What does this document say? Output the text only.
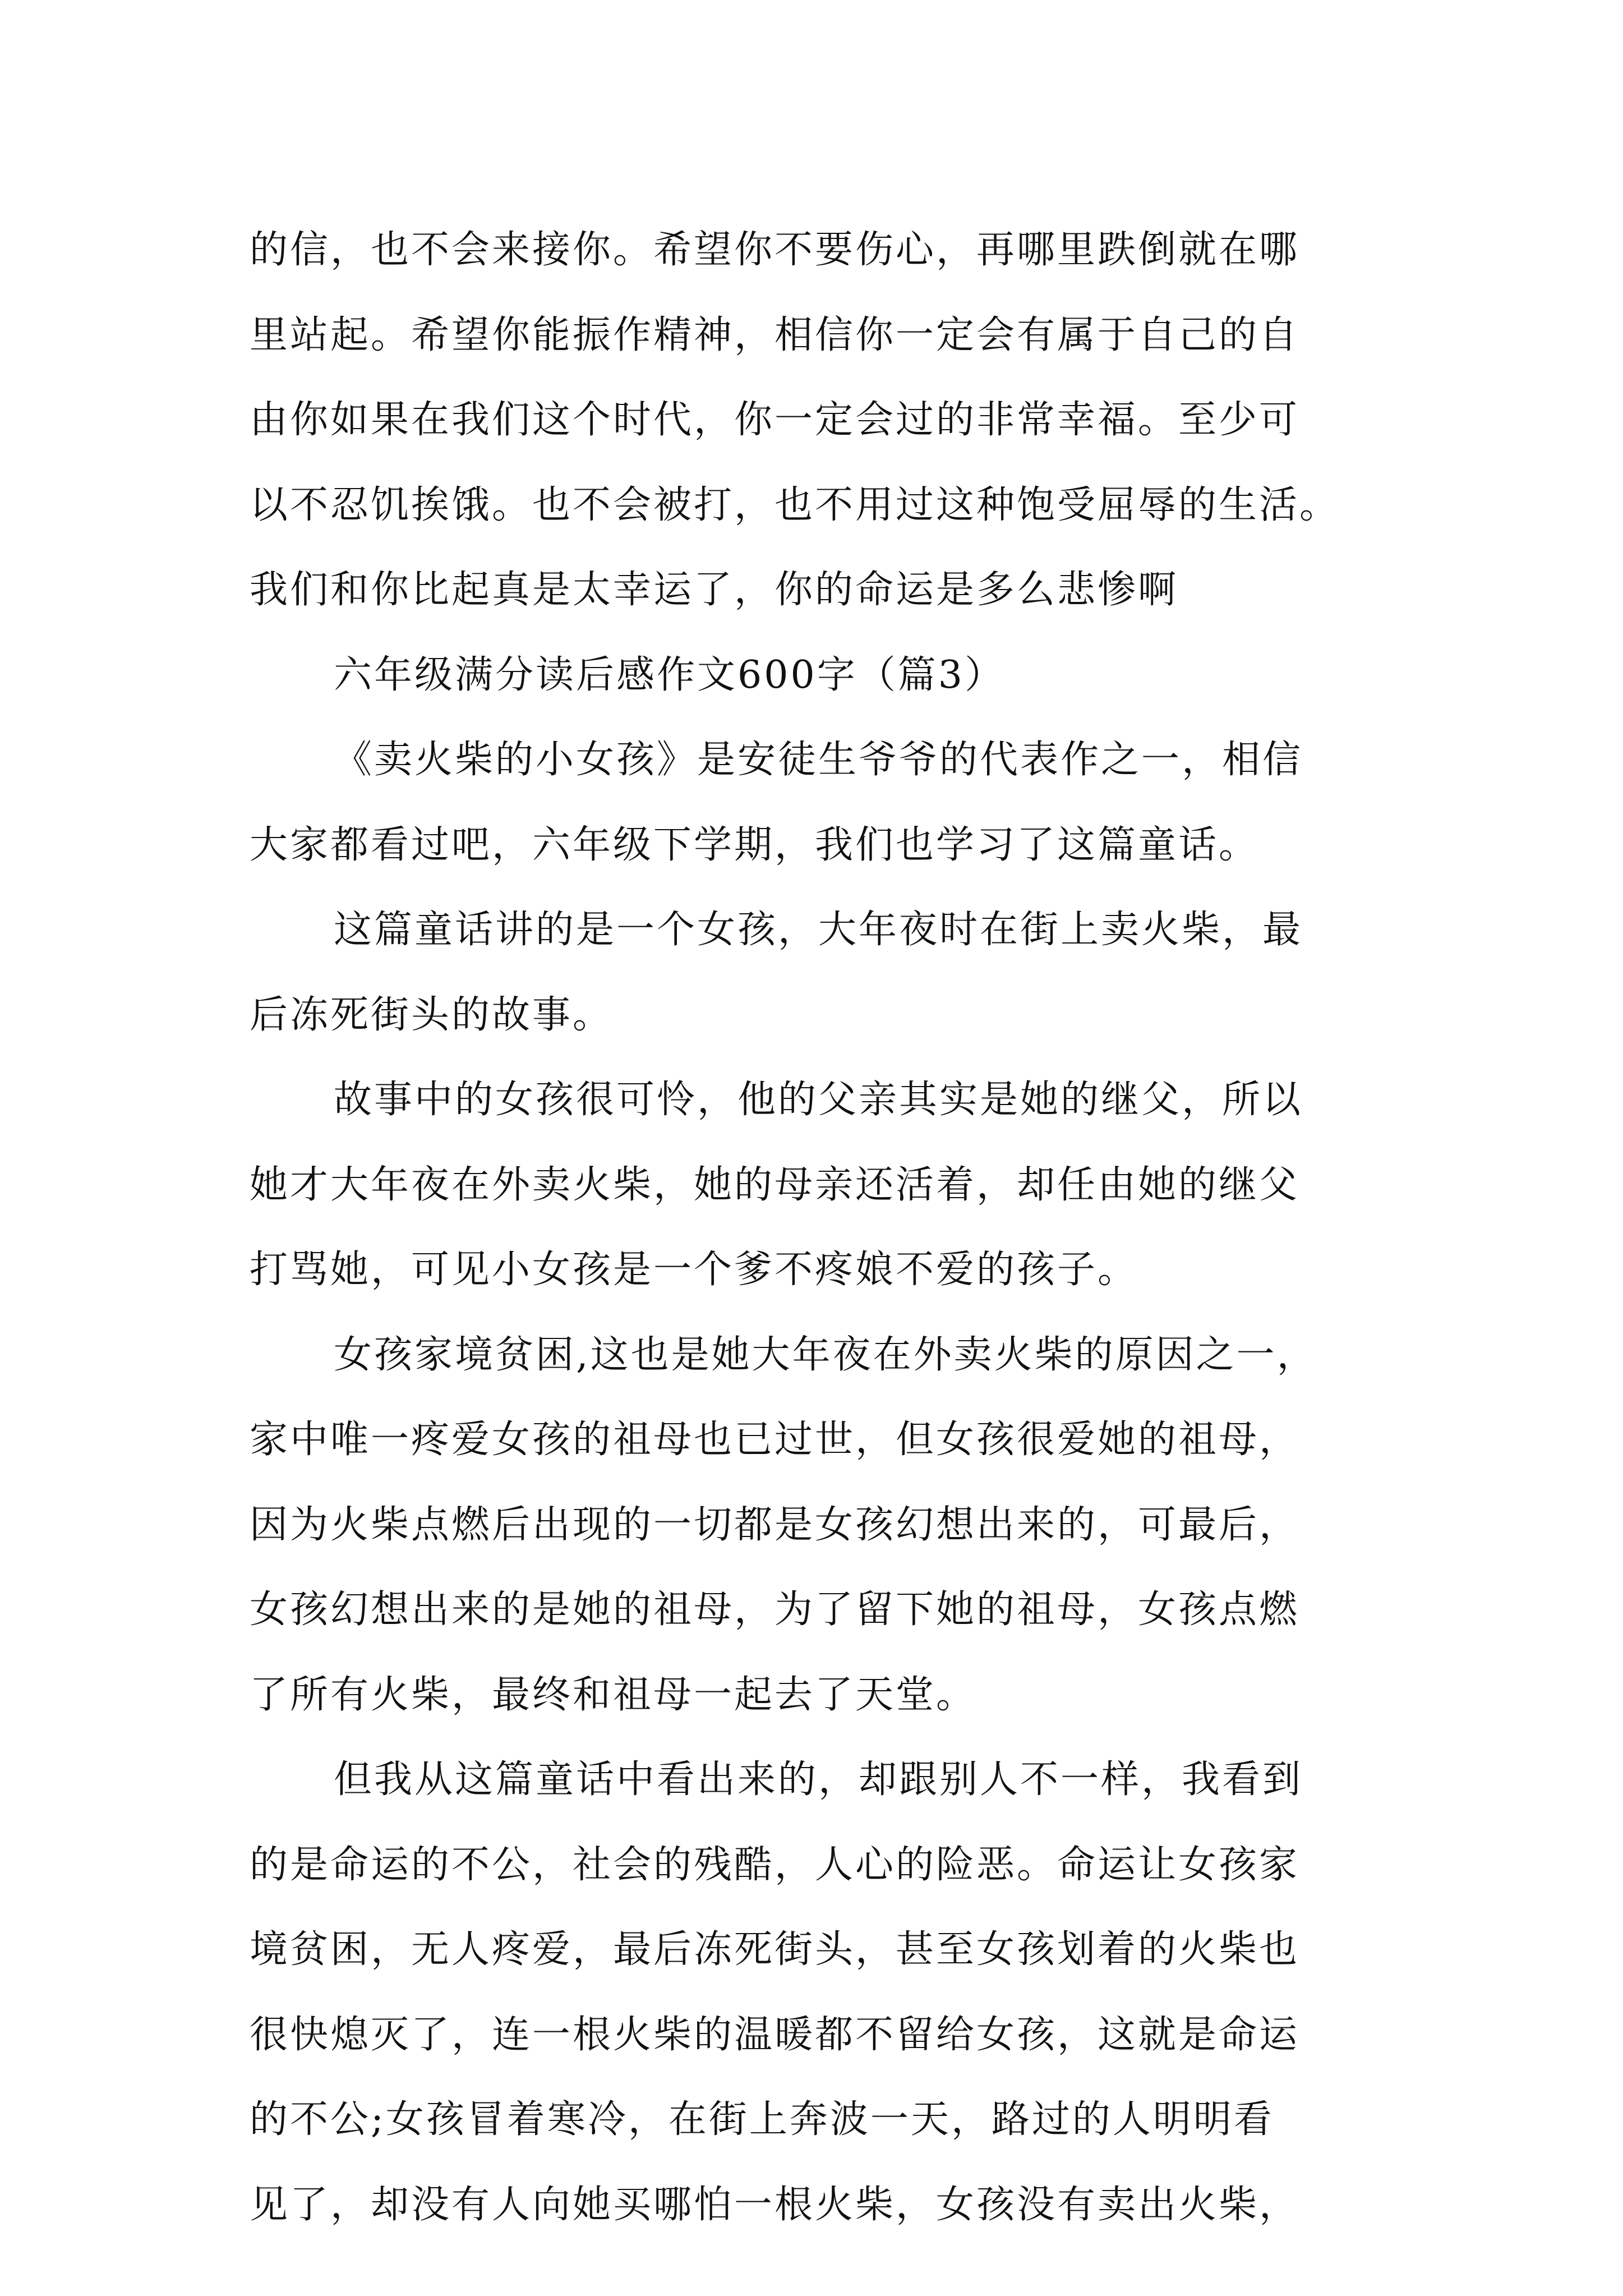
的信，也不会来接你。希望你不要伤心，再哪里跌倒就在哪
里站起。希望你能振作精神，相信你一定会有属于自己的自
由你如果在我们这个时代，你一定会过的非常幸福。至少可
以不忍饥挨饿。也不会被打，也不用过这种饱受屈辱的生活。
我们和你比起真是太幸运了，你的命运是多么悲惨啊
六年级满分读后感作文600字（篇3）
《卖火柴的小女孩》是安徒生爷爷的代表作之一，相信
大家都看过吧，六年级下学期，我们也学习了这篇童话。
这篇童话讲的是一个女孩，大年夜时在街上卖火柴，最
后冻死街头的故事。
故事中的女孩很可怜，他的父亲其实是她的继父，所以
她才大年夜在外卖火柴，她的母亲还活着，却任由她的继父
打骂她，可见小女孩是一个爹不疼娘不爱的孩子。
女孩家境贫困,这也是她大年夜在外卖火柴的原因之一，
家中唯一疼爱女孩的祖母也已过世，但女孩很爱她的祖母，
因为火柴点燃后出现的一切都是女孩幻想出来的，可最后，
女孩幻想出来的是她的祖母，为了留下她的祖母，女孩点燃
了所有火柴，最终和祖母一起去了天堂。
但我从这篇童话中看出来的，却跟别人不一样，我看到
的是命运的不公，社会的残酷，人心的险恶。命运让女孩家
境贫困，无人疼爱，最后冻死街头，甚至女孩划着的火柴也
很快熄灭了，连一根火柴的温暖都不留给女孩，这就是命运
的不公;女孩冒着寒冷，在街上奔波一天，路过的人明明看
见了，却没有人向她买哪怕一根火柴，女孩没有卖出火柴，
